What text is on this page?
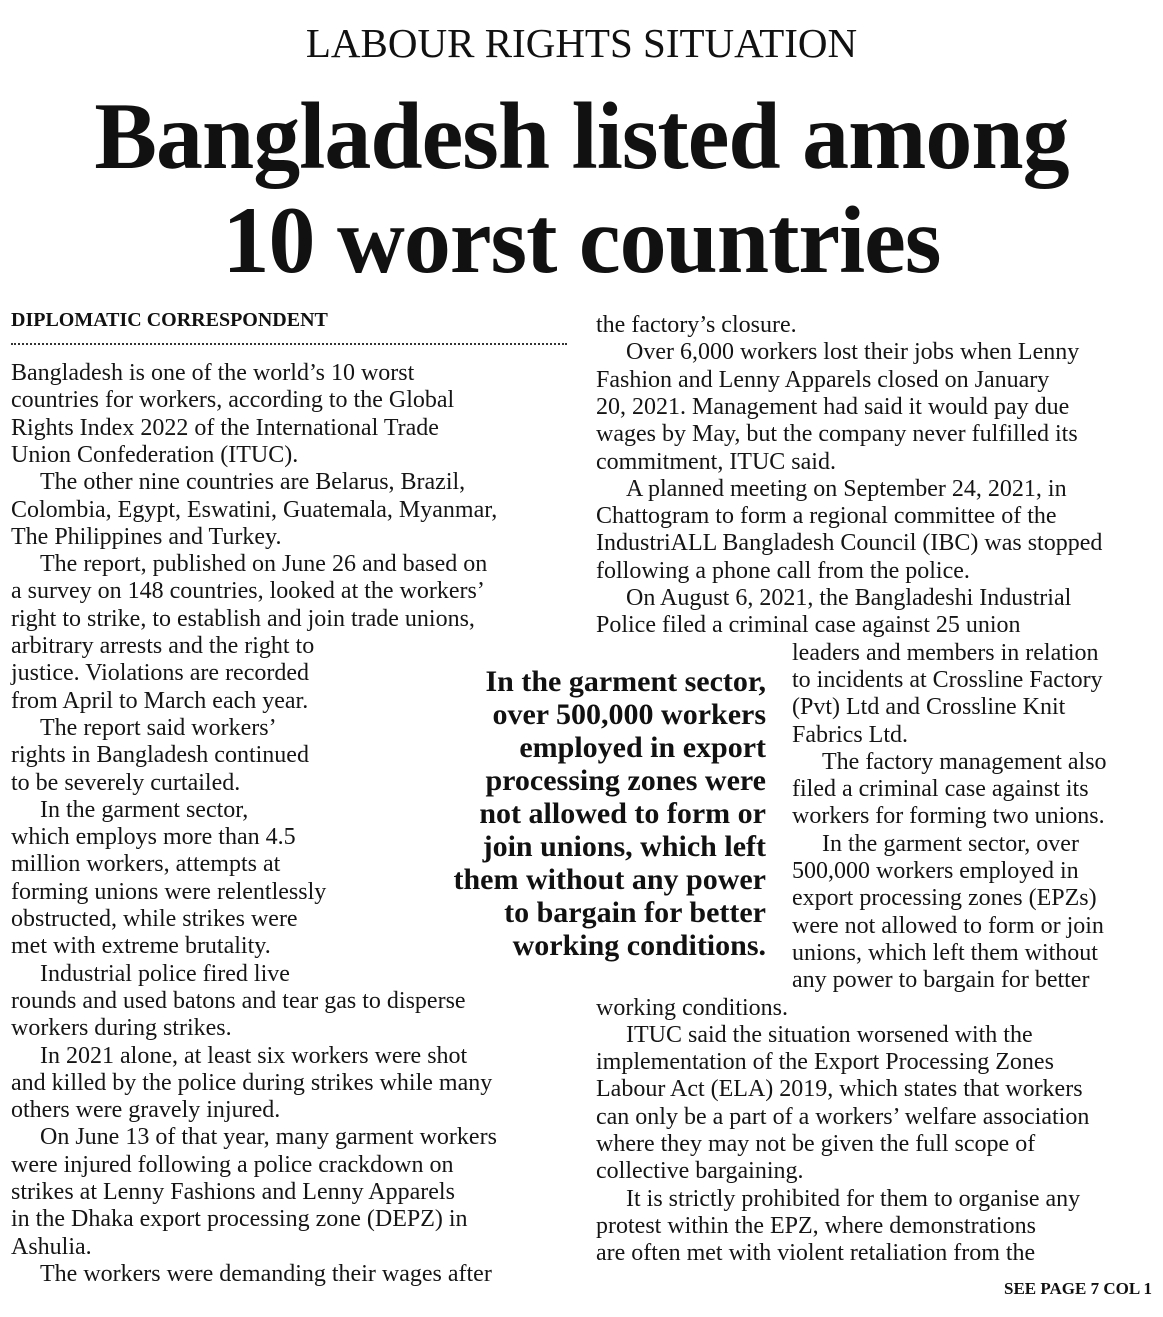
LABOUR RIGHTS SITUATION
Bangladesh listed among
10 worst countries
DIPLOMATIC CORRESPONDENT
Bangladesh is one of the world’s 10 worst
countries for workers, according to the Global
Rights Index 2022 of the International Trade
Union Confederation (ITUC).
The other nine countries are Belarus, Brazil,
Colombia, Egypt, Eswatini, Guatemala, Myanmar,
The Philippines and Turkey.
The report, published on June 26 and based on
a survey on 148 countries, looked at the workers’
right to strike, to establish and join trade unions,
arbitrary arrests and the right to
justice. Violations are recorded
from April to March each year.
The report said workers’
rights in Bangladesh continued
to be severely curtailed.
In the garment sector,
which employs more than 4.5
million workers, attempts at
forming unions were relentlessly
obstructed, while strikes were
met with extreme brutality.
Industrial police fired live
rounds and used batons and tear gas to disperse
workers during strikes.
In 2021 alone, at least six workers were shot
and killed by the police during strikes while many
others were gravely injured.
On June 13 of that year, many garment workers
were injured following a police crackdown on
strikes at Lenny Fashions and Lenny Apparels
in the Dhaka export processing zone (DEPZ) in
Ashulia.
The workers were demanding their wages after
the factory’s closure.
Over 6,000 workers lost their jobs when Lenny
Fashion and Lenny Apparels closed on January
20, 2021. Management had said it would pay due
wages by May, but the company never fulfilled its
commitment, ITUC said.
A planned meeting on September 24, 2021, in
Chattogram to form a regional committee of the
IndustriALL Bangladesh Council (IBC) was stopped
following a phone call from the police.
On August 6, 2021, the Bangladeshi Industrial
Police filed a criminal case against 25 union
leaders and members in relation
to incidents at Crossline Factory
(Pvt) Ltd and Crossline Knit
Fabrics Ltd.
The factory management also
filed a criminal case against its
workers for forming two unions.
In the garment sector, over
500,000 workers employed in
export processing zones (EPZs)
were not allowed to form or join
unions, which left them without
any power to bargain for better
working conditions.
ITUC said the situation worsened with the
implementation of the Export Processing Zones
Labour Act (ELA) 2019, which states that workers
can only be a part of a workers’ welfare association
where they may not be given the full scope of
collective bargaining.
It is strictly prohibited for them to organise any
protest within the EPZ, where demonstrations
are often met with violent retaliation from the
In the garment sector,
over 500,000 workers
employed in export
processing zones were
not allowed to form or
join unions, which left
them without any power
to bargain for better
working conditions.
SEE PAGE 7 COL 1
